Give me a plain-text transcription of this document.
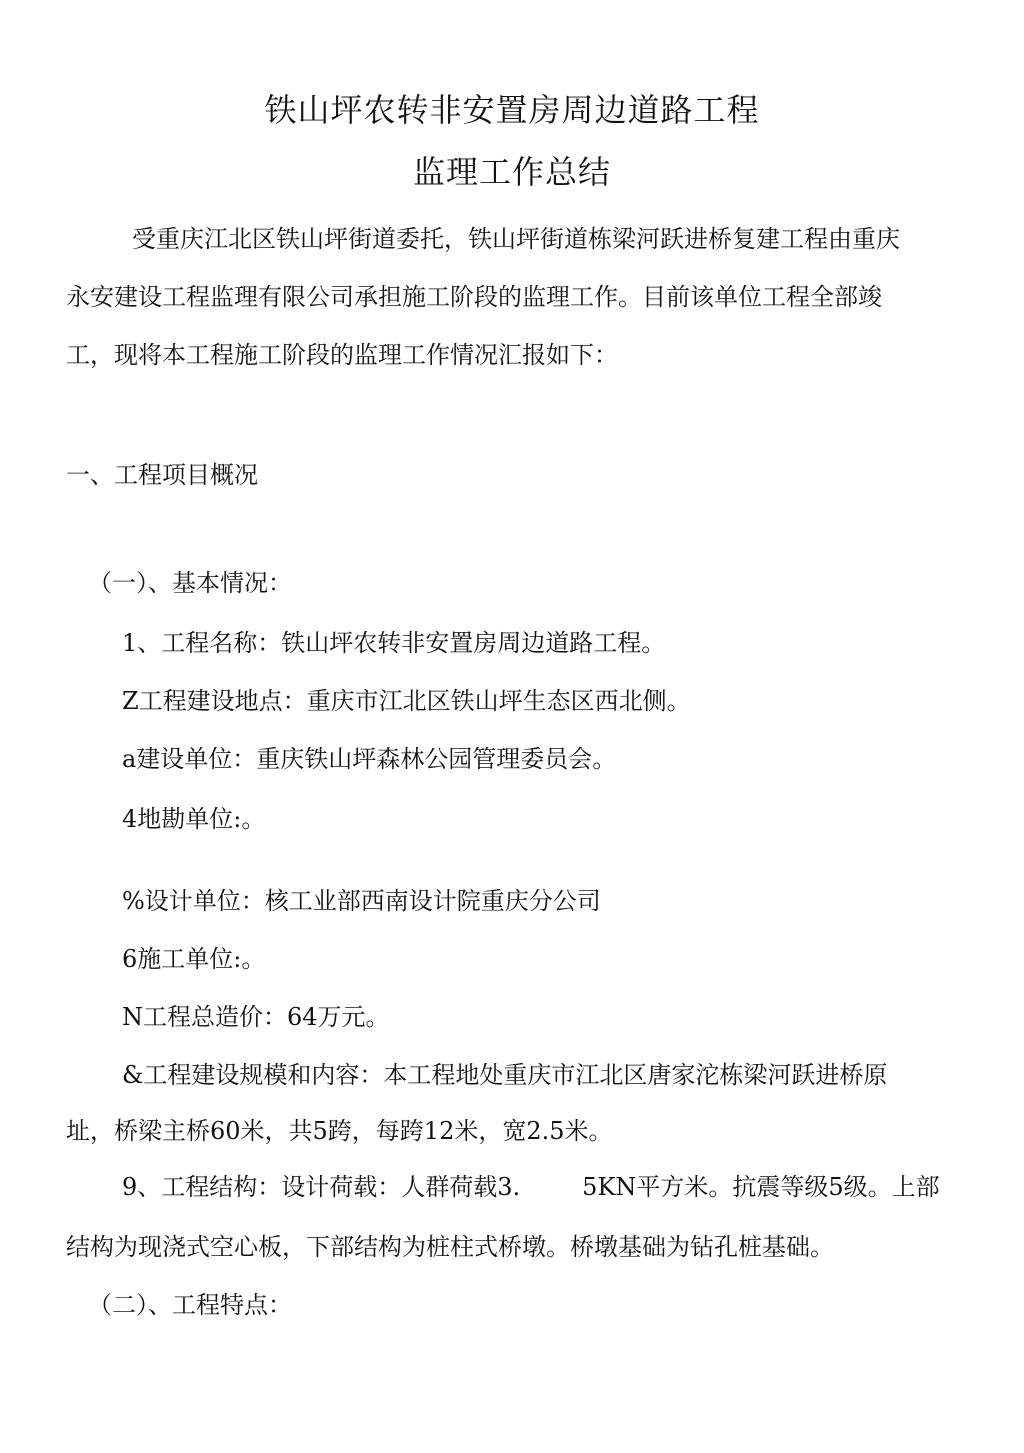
铁山坪农转非安置房周边道路工程
监理工作总结
受重庆江北区铁山坪街道委托，铁山坪街道栋梁河跃进桥复建工程由重庆
永安建设工程监理有限公司承担施工阶段的监理工作。目前该单位工程全部竣
工，现将本工程施工阶段的监理工作情况汇报如下：
一、工程项目概况
（一）、基本情况：
1、工程名称：铁山坪农转非安置房周边道路工程。
Z工程建设地点：重庆市江北区铁山坪生态区西北侧。
a建设单位：重庆铁山坪森林公园管理委员会。
4地勘单位:。
%设计单位：核工业部西南设计院重庆分公司
6施工单位:。
N工程总造价：64万元。
&工程建设规模和内容：本工程地处重庆市江北区唐家沱栋梁河跃进桥原
址，桥梁主桥60米，共5跨，每跨12米，宽2.5米。
9、工程结构：设计荷载：人群荷载3.	5KN平方米。抗震等级5级。上部
结构为现浇式空心板，下部结构为桩柱式桥墩。桥墩基础为钻孔桩基础。
（二）、工程特点：
